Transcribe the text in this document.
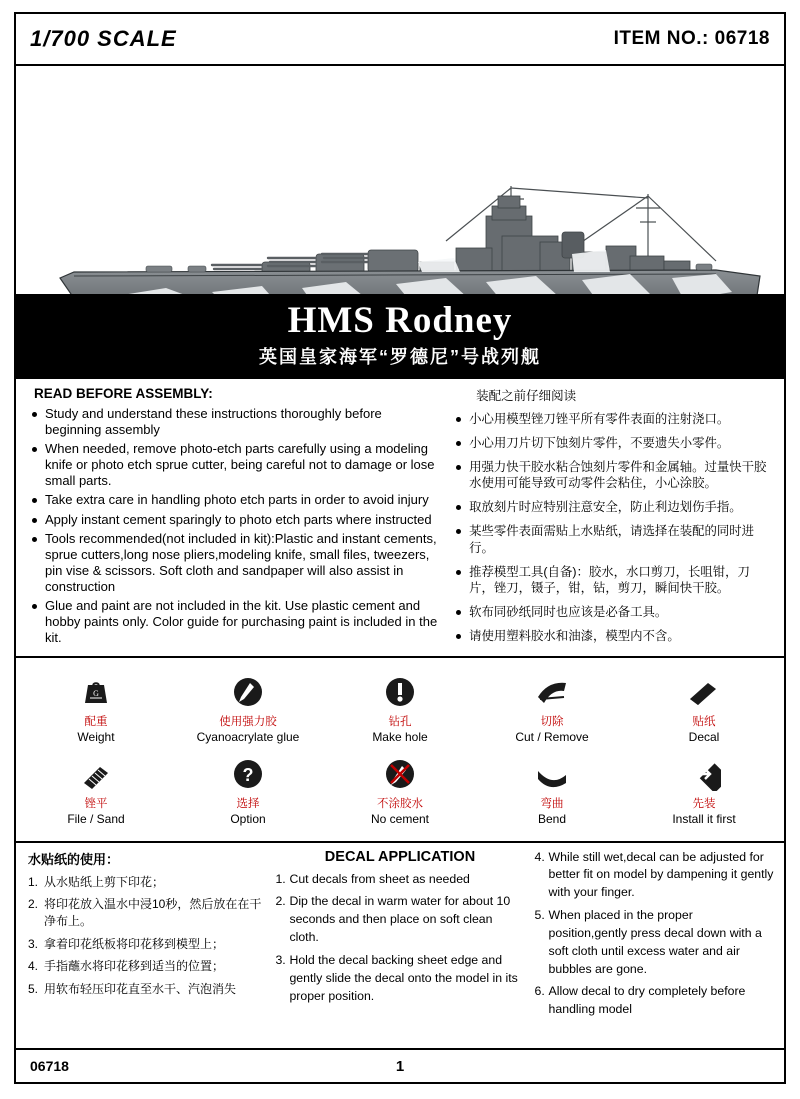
1/700 SCALE	ITEM NO.: 06718
HMS Rodney
英国皇家海军“罗德尼”号战列舰
READ BEFORE ASSEMBLY:
Study and understand these instructions thoroughly before beginning assembly
When needed, remove photo-etch parts carefully using a modeling knife or photo etch sprue cutter, being careful not to damage or lose small parts.
Take extra care in handling photo etch parts in order to avoid injury
Apply instant cement sparingly to photo etch parts where instructed
Tools recommended(not included in kit):Plastic and instant cements, sprue cutters,long nose pliers,modeling knife, small files, tweezers, pin vise & scissors. Soft cloth and sandpaper will also assist in construction
Glue and paint are not included in the kit. Use plastic cement and hobby paints only. Color guide for purchasing paint is included in the kit.
装配之前仔细阅读
小心用模型锉刀锉平所有零件表面的注射浇口。
小心用刀片切下蚀刻片零件，不要遗失小零件。
用强力快干胶水粘合蚀刻片零件和金属轴。过量快干胶水使用可能导致可动零件会粘住，小心涂胶。
取放刻片时应特别注意安全，防止利边划伤手指。
某些零件表面需贴上水贴纸，请选择在装配的同时进行。
推荐模型工具(自备)：胶水，水口剪刀，长咀钳，刀片，锉刀，镊子，钳，钻，剪刀，瞬间快干胶。
软布同砂纸同时也应该是必备工具。
请使用塑料胶水和油漆，模型内不含。
G
配重
Weight
使用强力胶
Cyanoacrylate glue
钻孔
Make hole
切除
Cut / Remove
贴纸
Decal
锉平
File / Sand
?
选择
Option
不涂胶水
No cement
弯曲
Bend
先装
Install it first
水贴纸的使用：
1. 从水贴纸上剪下印花；
2. 将印花放入温水中浸10秒，然后放在在干净布上。
3. 拿着印花纸板将印花移到模型上；
4. 手指蘸水将印花移到适当的位置；
5. 用软布轻压印花直至水干、汽泡消失
DECAL APPLICATION
1. Cut decals from sheet as needed
2. Dip the decal in warm water for about 10 seconds and then place on soft clean cloth.
3. Hold the decal backing sheet edge and gently slide the decal onto the model in its proper position.
4. While still wet,decal can be adjusted for better fit on model by dampening it gently with your finger.
5. When placed in the proper position,gently press decal down with a soft cloth until excess water and air bubbles are gone.
6. Allow decal to dry completely before handling model
06718	1
